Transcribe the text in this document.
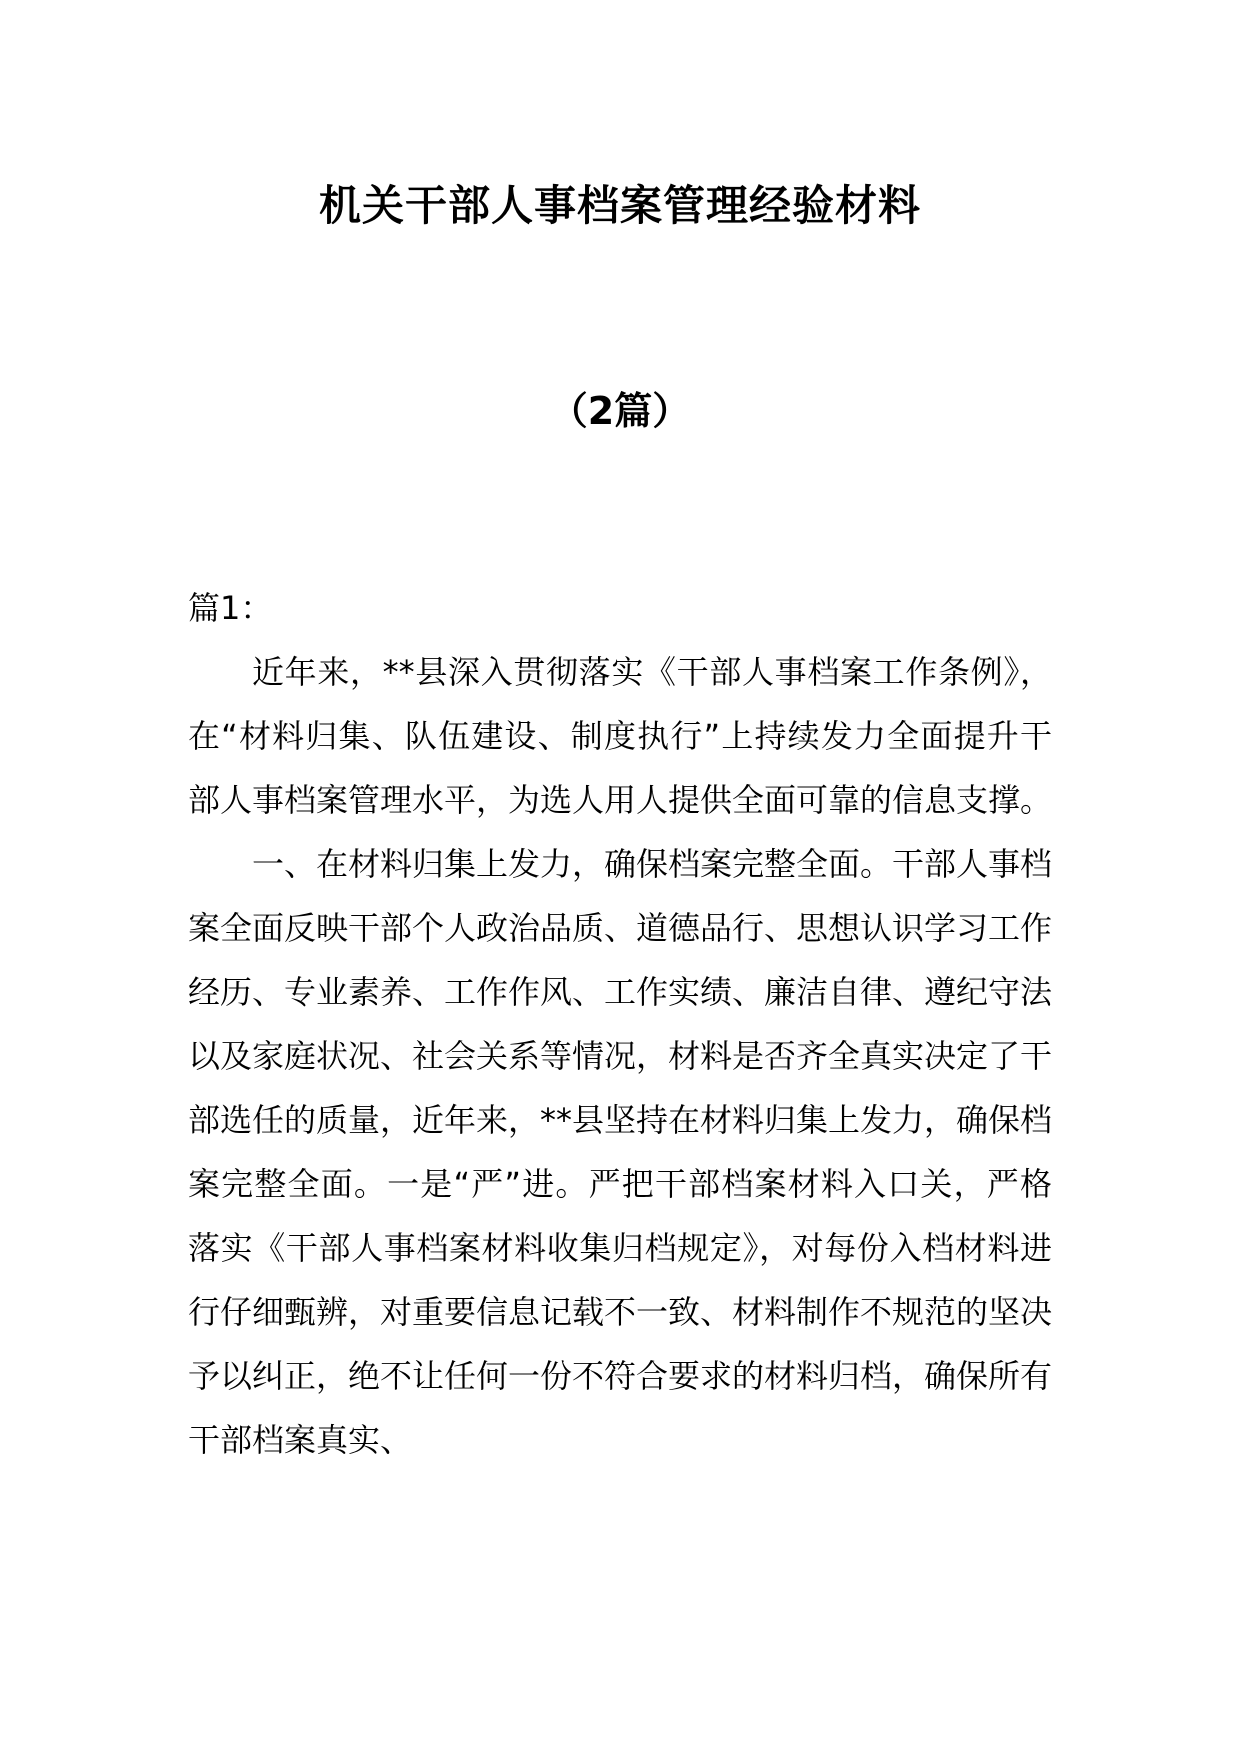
机关干部人事档案管理经验材料
（2篇）

篇1：

近年来，**县深入贯彻落实《干部人事档案工作条例》，在“材料归集、队伍建设、制度执行”上持续发力全面提升干部人事档案管理水平，为选人用人提供全面可靠的信息支撑。

一、在材料归集上发力，确保档案完整全面。干部人事档案全面反映干部个人政治品质、道德品行、思想认识学习工作经历、专业素养、工作作风、工作实绩、廉洁自律、遵纪守法以及家庭状况、社会关系等情况，材料是否齐全真实决定了干部选任的质量，近年来，**县坚持在材料归集上发力，确保档案完整全面。一是“严”进。严把干部档案材料入口关，严格落实《干部人事档案材料收集归档规定》，对每份入档材料进行仔细甄辨，对重要信息记载不一致、材料制作不规范的坚决予以纠正，绝不让任何一份不符合要求的材料归档，确保所有干部档案真实、
